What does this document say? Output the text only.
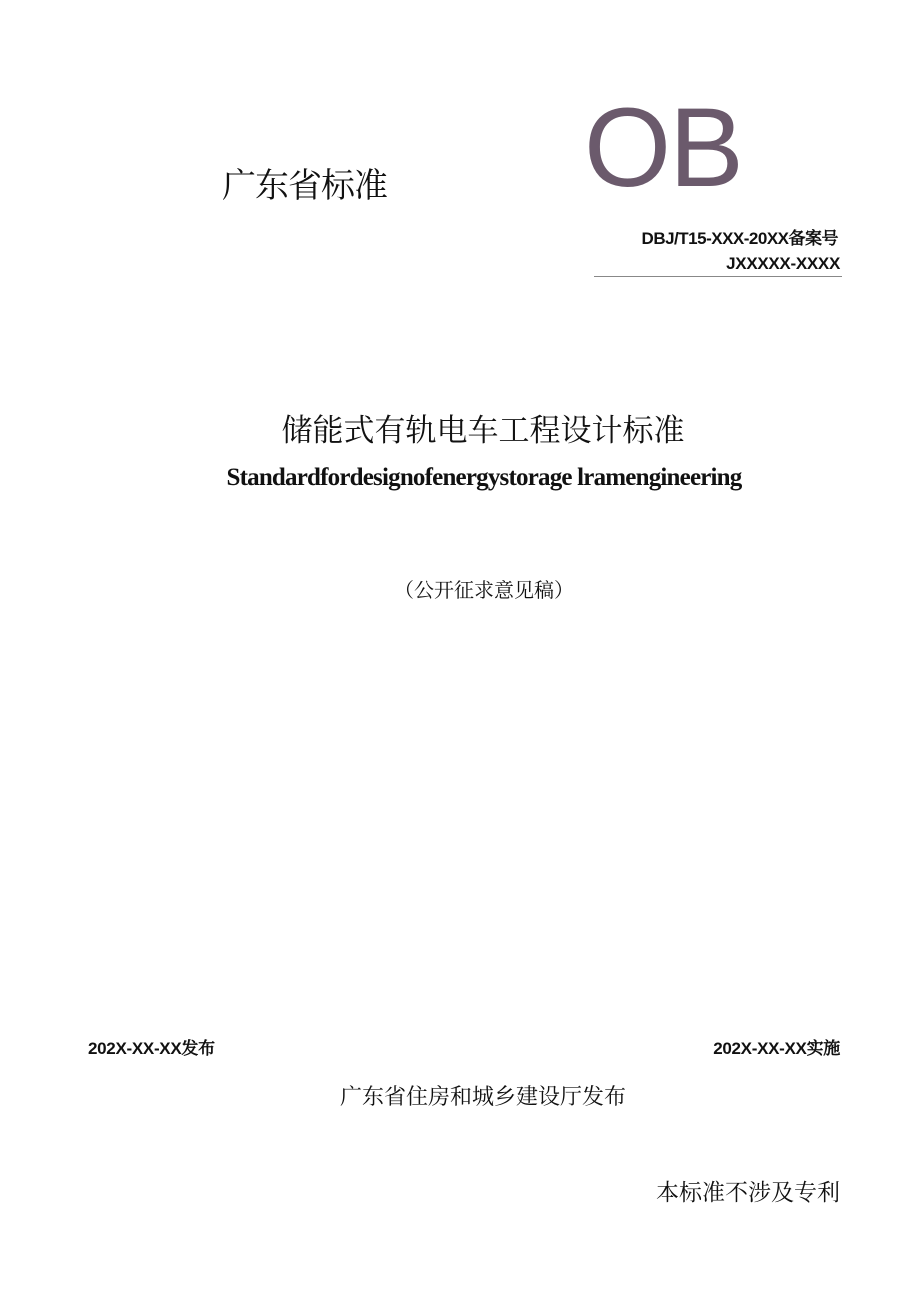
广东省标准 OB
DBJ/T15-XXX-20XX备案号
JXXXXX-XXXX
储能式有轨电车工程设计标准
Standardfordesignofenergystorage lramengineering
（公开征求意见稿）
202X-XX-XX发布	202X-XX-XX实施
广东省住房和城乡建设厅发布
本标准不涉及专利
